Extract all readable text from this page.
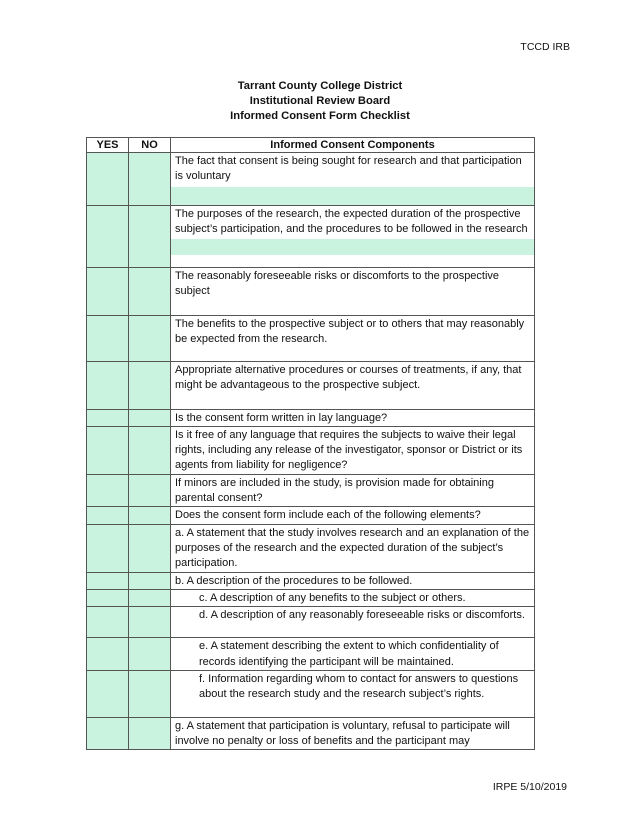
TCCD IRB
Tarrant County College District
Institutional Review Board
Informed Consent Form Checklist
YES	NO	Informed Consent Components

		The fact that consent is being sought for research and that participation is voluntary

		The purposes of the research, the expected duration of the prospective subject’s participation, and the procedures to be followed in the research

		The reasonably foreseeable risks or discomforts to the prospective subject

		The benefits to the prospective subject or to others that may reasonably be expected from the research.

		Appropriate alternative procedures or courses of treatments, if any, that might be advantageous to the prospective subject.

		Is the consent form written in lay language?

		Is it free of any language that requires the subjects to waive their legal rights, including any release of the investigator, sponsor or District or its agents from liability for negligence?

		If minors are included in the study, is provision made for obtaining parental consent?

		Does the consent form include each of the following elements?

		a. A statement that the study involves research and an explanation of the purposes of the research and the expected duration of the subject’s participation.

		b. A description of the procedures to be followed.

		c. A description of any benefits to the subject or others.

		d. A description of any reasonably foreseeable risks or discomforts.

		e. A statement describing the extent to which confidentiality of records identifying the participant will be maintained.

		f. Information regarding whom to contact for answers to questions about the research study and the research subject’s rights.

		g. A statement that participation is voluntary, refusal to participate will involve no penalty or loss of benefits and the participant may
IRPE 5/10/2019
